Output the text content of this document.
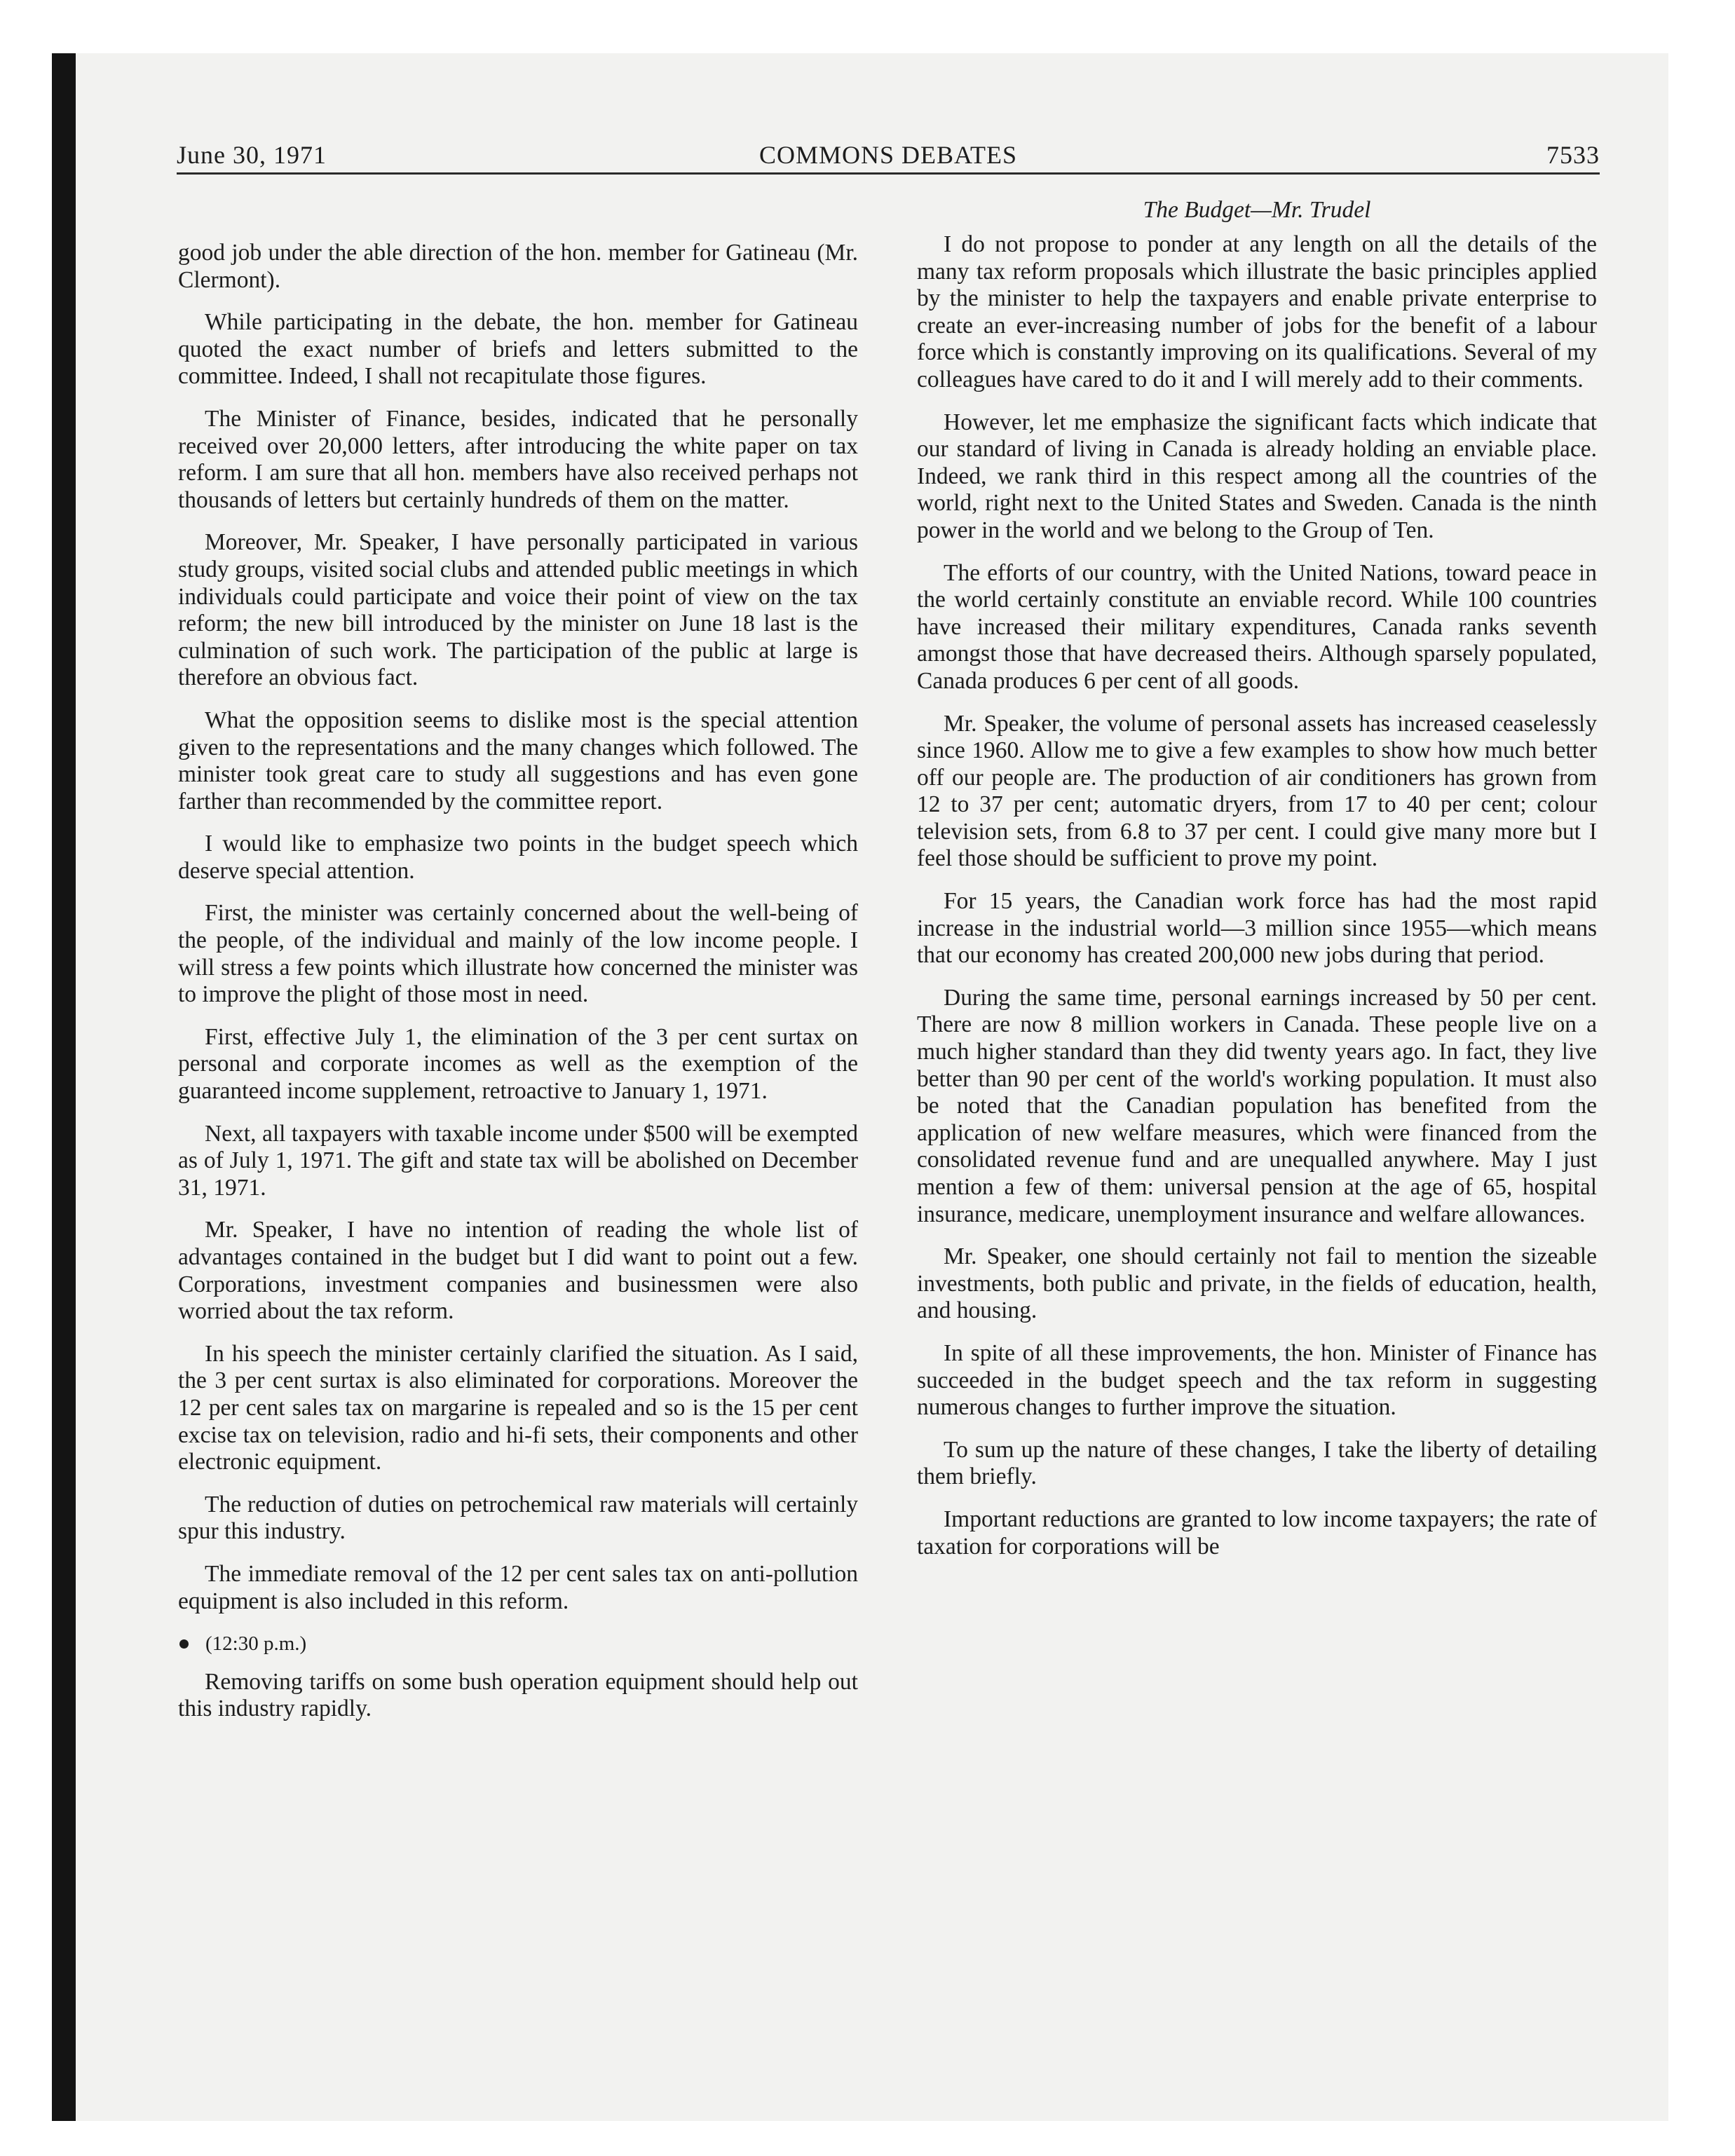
COMMONS DEBATES
June 30, 1971	7533

good job under the able direction of the hon. member for Gatineau (Mr. Clermont).

While participating in the debate, the hon. member for Gatineau quoted the exact number of briefs and letters submitted to the committee. Indeed, I shall not recapitulate those figures.

The Minister of Finance, besides, indicated that he personally received over 20,000 letters, after introducing the white paper on tax reform. I am sure that all hon. members have also received perhaps not thousands of letters but certainly hundreds of them on the matter.

Moreover, Mr. Speaker, I have personally participated in various study groups, visited social clubs and attended public meetings in which individuals could participate and voice their point of view on the tax reform; the new bill introduced by the minister on June 18 last is the culmination of such work. The participation of the public at large is therefore an obvious fact.

What the opposition seems to dislike most is the special attention given to the representations and the many changes which followed. The minister took great care to study all suggestions and has even gone farther than recommended by the committee report.

I would like to emphasize two points in the budget speech which deserve special attention.

First, the minister was certainly concerned about the well-being of the people, of the individual and mainly of the low income people. I will stress a few points which illustrate how concerned the minister was to improve the plight of those most in need.

First, effective July 1, the elimination of the 3 per cent surtax on personal and corporate incomes as well as the exemption of the guaranteed income supplement, retroactive to January 1, 1971.

Next, all taxpayers with taxable income under $500 will be exempted as of July 1, 1971. The gift and state tax will be abolished on December 31, 1971.

Mr. Speaker, I have no intention of reading the whole list of advantages contained in the budget but I did want to point out a few. Corporations, investment companies and businessmen were also worried about the tax reform.

In his speech the minister certainly clarified the situation. As I said, the 3 per cent surtax is also eliminated for corporations. Moreover the 12 per cent sales tax on margarine is repealed and so is the 15 per cent excise tax on television, radio and hi-fi sets, their components and other electronic equipment.

The reduction of duties on petrochemical raw materials will certainly spur this industry.

The immediate removal of the 12 per cent sales tax on anti-pollution equipment is also included in this reform.

(12:30 p.m.)

Removing tariffs on some bush operation equipment should help out this industry rapidly.

The Budget—Mr. Trudel

I do not propose to ponder at any length on all the details of the many tax reform proposals which illustrate the basic principles applied by the minister to help the taxpayers and enable private enterprise to create an ever-increasing number of jobs for the benefit of a labour force which is constantly improving on its qualifications. Several of my colleagues have cared to do it and I will merely add to their comments.

However, let me emphasize the significant facts which indicate that our standard of living in Canada is already holding an enviable place. Indeed, we rank third in this respect among all the countries of the world, right next to the United States and Sweden. Canada is the ninth power in the world and we belong to the Group of Ten.

The efforts of our country, with the United Nations, toward peace in the world certainly constitute an enviable record. While 100 countries have increased their military expenditures, Canada ranks seventh amongst those that have decreased theirs. Although sparsely populated, Canada produces 6 per cent of all goods.

Mr. Speaker, the volume of personal assets has increased ceaselessly since 1960. Allow me to give a few examples to show how much better off our people are. The production of air conditioners has grown from 12 to 37 per cent; automatic dryers, from 17 to 40 per cent; colour television sets, from 6.8 to 37 per cent. I could give many more but I feel those should be sufficient to prove my point.

For 15 years, the Canadian work force has had the most rapid increase in the industrial world—3 million since 1955—which means that our economy has created 200,000 new jobs during that period.

During the same time, personal earnings increased by 50 per cent. There are now 8 million workers in Canada. These people live on a much higher standard than they did twenty years ago. In fact, they live better than 90 per cent of the world's working population. It must also be noted that the Canadian population has benefited from the application of new welfare measures, which were financed from the consolidated revenue fund and are unequalled anywhere. May I just mention a few of them: universal pension at the age of 65, hospital insurance, medicare, unemployment insurance and welfare allowances.

Mr. Speaker, one should certainly not fail to mention the sizeable investments, both public and private, in the fields of education, health, and housing.

In spite of all these improvements, the hon. Minister of Finance has succeeded in the budget speech and the tax reform in suggesting numerous changes to further improve the situation.

To sum up the nature of these changes, I take the liberty of detailing them briefly.

Important reductions are granted to low income taxpayers; the rate of taxation for corporations will be
